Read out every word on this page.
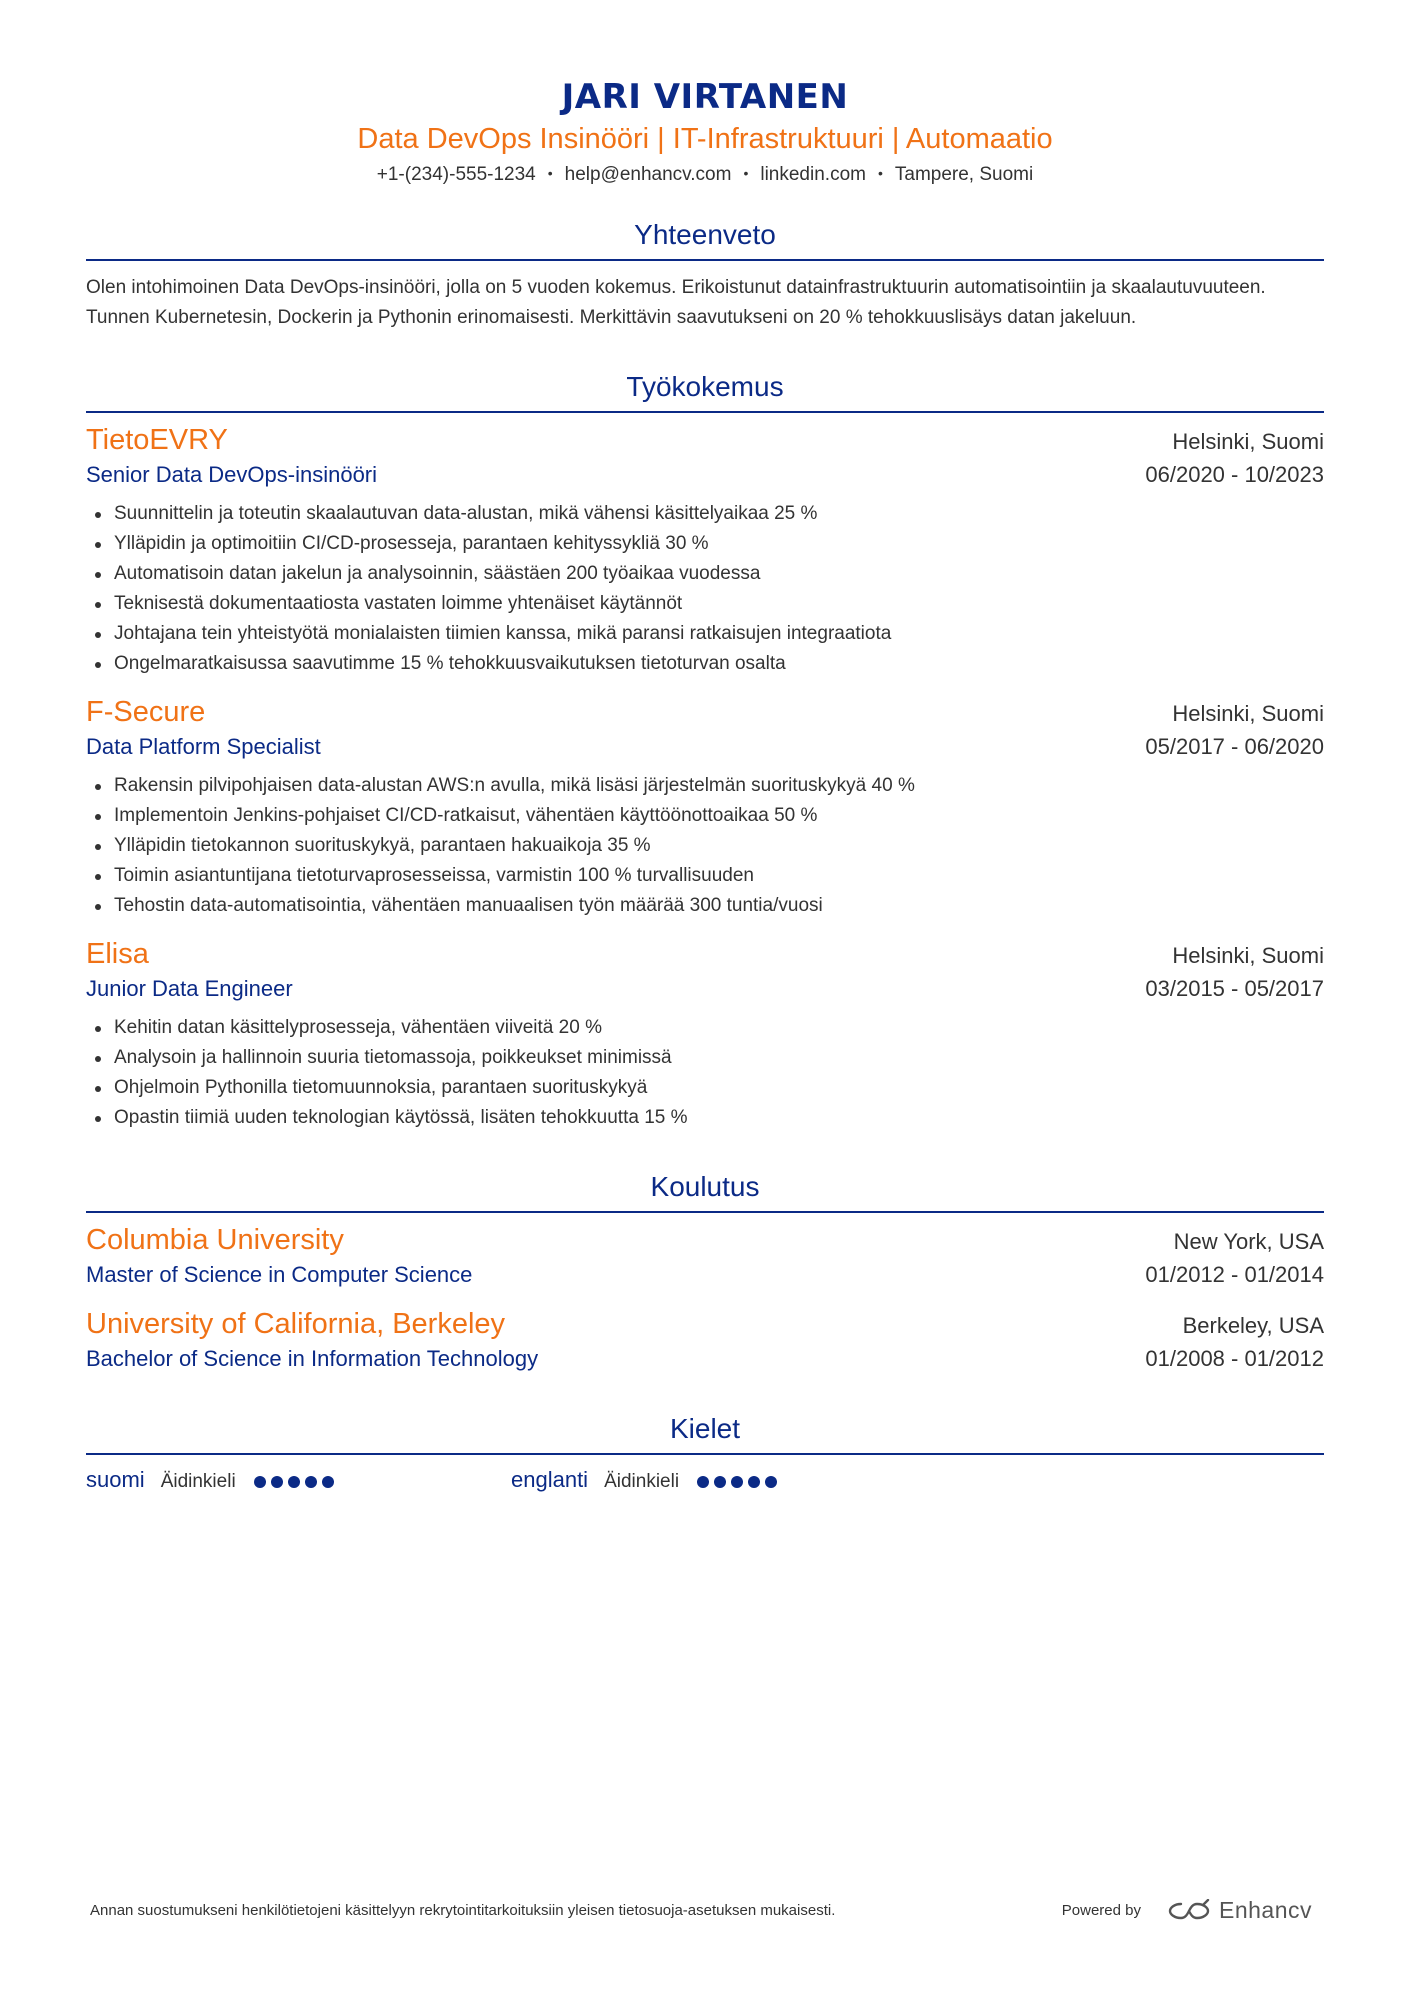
JARI VIRTANEN
Data DevOps Insinööri | IT-Infrastruktuuri | Automaatio
+1-(234)-555-1234 • help@enhancv.com • linkedin.com • Tampere, Suomi
Yhteenveto
Olen intohimoinen Data DevOps-insinööri, jolla on 5 vuoden kokemus. Erikoistunut datainfrastruktuurin automatisointiin ja skaalautuvuuteen. Tunnen Kubernetesin, Dockerin ja Pythonin erinomaisesti. Merkittävin saavutukseni on 20 % tehokkuuslisäys datan jakeluun.
Työkokemus
TietoEVRY	Helsinki, Suomi
Senior Data DevOps-insinööri	06/2020 - 10/2023
Suunnittelin ja toteutin skaalautuvan data-alustan, mikä vähensi käsittelyaikaa 25 %
Ylläpidin ja optimoitiin CI/CD-prosesseja, parantaen kehityssykliä 30 %
Automatisoin datan jakelun ja analysoinnin, säästäen 200 työaikaa vuodessa
Teknisestä dokumentaatiosta vastaten loimme yhtenäiset käytännöt
Johtajana tein yhteistyötä monialaisten tiimien kanssa, mikä paransi ratkaisujen integraatiota
Ongelmaratkaisussa saavutimme 15 % tehokkuusvaikutuksen tietoturvan osalta
F-Secure	Helsinki, Suomi
Data Platform Specialist	05/2017 - 06/2020
Rakensin pilvipohjaisen data-alustan AWS:n avulla, mikä lisäsi järjestelmän suorituskykyä 40 %
Implementoin Jenkins-pohjaiset CI/CD-ratkaisut, vähentäen käyttöönottoaikaa 50 %
Ylläpidin tietokannon suorituskykyä, parantaen hakuaikoja 35 %
Toimin asiantuntijana tietoturvaprosesseissa, varmistin 100 % turvallisuuden
Tehostin data-automatisointia, vähentäen manuaalisen työn määrää 300 tuntia/vuosi
Elisa	Helsinki, Suomi
Junior Data Engineer	03/2015 - 05/2017
Kehitin datan käsittelyprosesseja, vähentäen viiveitä 20 %
Analysoin ja hallinnoin suuria tietomassoja, poikkeukset minimissä
Ohjelmoin Pythonilla tietomuunnoksia, parantaen suorituskykyä
Opastin tiimiä uuden teknologian käytössä, lisäten tehokkuutta 15 %
Koulutus
Columbia University	New York, USA
Master of Science in Computer Science	01/2012 - 01/2014
University of California, Berkeley	Berkeley, USA
Bachelor of Science in Information Technology	01/2008 - 01/2012
Kielet
suomi Äidinkieli	englanti Äidinkieli
Annan suostumukseni henkilötietojeni käsittelyyn rekrytointitarkoituksiin yleisen tietosuoja-asetuksen mukaisesti.	Powered by	Enhancv
